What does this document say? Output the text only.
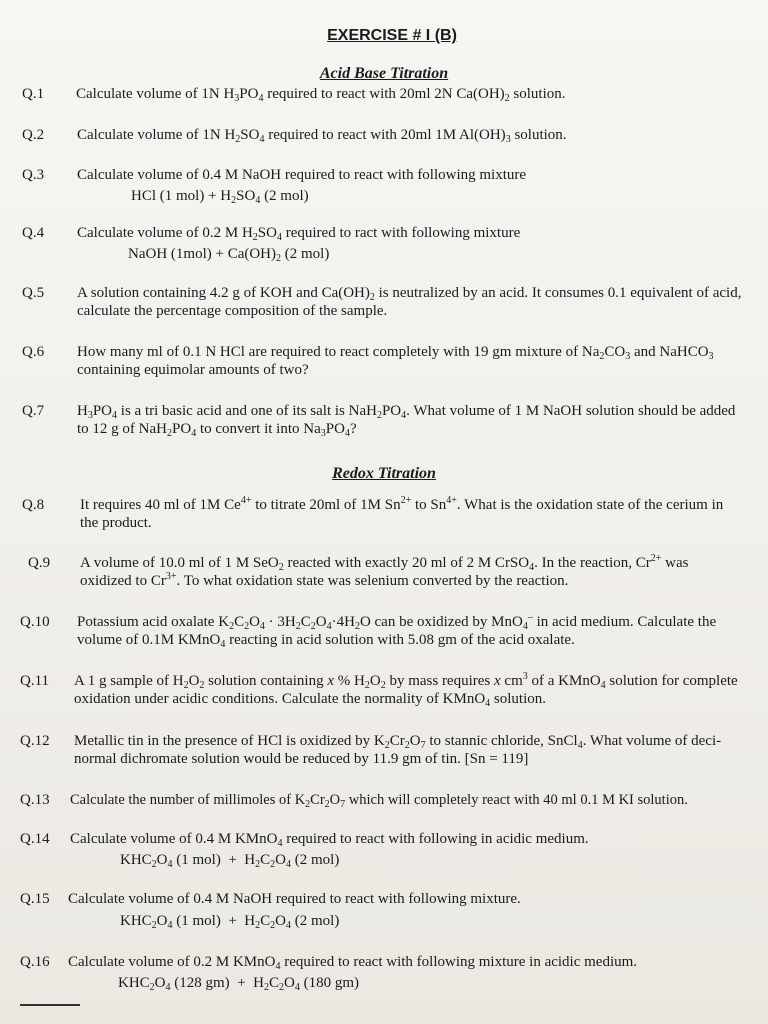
EXERCISE # I (B)
Acid Base Titration
Q.1 Calculate volume of 1N $H_3PO_4$ required to react with 20ml 2N $Ca(OH)_2$ solution.
Q.2 Calculate volume of 1N $H_2SO_4$ required to react with 20ml 1M $Al(OH)_3$ solution.
Q.3 Calculate volume of 0.4 M NaOH required to react with following mixture
HCl (1 $mol) + H_2SO_4$ (2 mol)
Q.4 Calculate volume of 0.2 M $H_2SO_4$ required to ract with following mixture
NaOH $(1mol) + Ca(OH)_2$ (2 mol)
Q.5 A solution containing 4.2 g of KOH and $Ca(OH)_2$ is neutralized by an acid. It consumes 0.1 equivalent of acid, calculate the percentage composition of the sample.
Q.6 How many ml of 0.1 N HCl are required to react completely with 19 gm mixture of $Na_2CO_3$ and NaHCO$_3$ containing equimolar amounts of two?
Q.7 $H_3PO_4$ is a tri basic acid and one of its salt is $NaH_2PO_4$. What volume of 1 M NaOH solution should be added to 12 g of $NaH_2PO_4$ to convert it into $Na_3PO_4$?
Redox Titration
Q.8 It requires 40 ml of 1M $Ce^{4+}$ to titrate 20ml of 1M $Sn^{2+}$ to $Sn^{4+}$. What is the oxidation state of the cerium in the product.
Q.9 A volume of 10.0 ml of 1 M SeO$_2$ reacted with exactly 20 ml of 2 M CrSO$_4$. In the reaction, $Cr^{2+}$ was oxidized to $Cr^{3+}$. To what oxidation state was selenium converted by the reaction.
Q.10 Potassium acid oxalate $K_2C_2O_4 \cdot 3H_2C_2O_4\cdot 4H_2O$ can be oxidized by MnO$_4$– in acid medium. Calculate the volume of 0.1M KMnO$_4$ reacting in acid solution with 5.08 gm of the acid oxalate.
Q.11 A 1 g sample of $H_2O_2$ solution containing x % $H_2O_2$ by mass requires x $cm^3$ of a KMnO$_4$ solution for complete oxidation under acidic conditions. Calculate the normality of KMnO$_4$ solution.
Q.12 Metallic tin in the presence of HCl is oxidized by $K_2Cr_2O_7$ to stannic chloride, SnCl$_4$. What volume of deci-normal dichromate solution would be reduced by 11.9 gm of tin. [Sn = 119]
Q.13 Calculate the number of millimoles of $K_2Cr_2O_7$ which will completely react with 40 ml 0.1 M KI solution.
Q.14 Calculate volume of 0.4 M KMnO$_4$ required to react with following in acidic medium.
$KHC_2O_4$ (1 $mol) + H_2C_2O_4$ (2 mol)
Q.15 Calculate volume of 0.4 M NaOH required to react with following mixture.
$KHC_2O_4$ (1 $mol) + H_2C_2O_4$ (2 mol)
Q.16 Calculate volume of 0.2 M KMnO$_4$ required to react with following mixture in acidic medium.
$KHC_2O_4$ (128 $gm) + H_2C_2O_4$ (180 gm)
